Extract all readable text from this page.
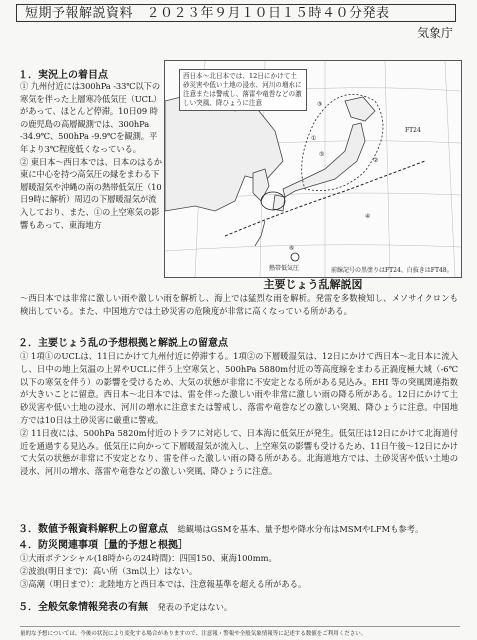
短期予報解説資料　２０２３年９月１０日１５時４０分発表
気象庁
１．実況上の着目点

① 九州付近には300hPa -33℃以下の寒気を伴った上層寒冷低気圧（UCL）があって、ほとんど停滞。10日09 時の鹿児島の高層観測では、300hPa -34.9℃、500hPa -9.9℃を観測。平年より3℃程度低くなっている。

② 東日本〜西日本では、日本のはるか東に中心を持つ高気圧の縁をまわる下層暖湿気や沖縄の南の熱帯低気圧（10日9時に解析）周辺の下層暖湿気が流入しており、また、①の上空寒気の影響もあって、東海地方

西日本〜北日本では、12日にかけて土砂災害や低い土地の浸水、河川の増水に注意または警戒し、落雷や竜巻などの激しい突風、降ひょうに注意
①
②
③
④
⑤
⑥
FT24
熱帯低気圧	前線記号の黒塗りはFT24、白抜きはFT48。
主要じょう乱解説図

〜西日本では非常に激しい雨や激しい雨を解析し、海上では猛烈な雨を解析。発雷を多数検知し、メソサイクロンも検出している。また、中国地方では土砂災害の危険度が非常に高くなっている所がある。

２．主要じょう乱の予想根拠と解説上の留意点

① 1項①のUCLは、11日にかけて九州付近に停滞する。1項②の下層暖湿気は、12日にかけて西日本〜北日本に流入し、日中の地上気温の上昇やUCLに伴う上空寒気と、500hPa 5880m付近の等高度線をまわる正渦度極大域（-6℃以下の寒気を伴う）の影響を受けるため、大気の状態が非常に不安定となる所がある見込み。EHI 等の突風関連指数が大きいことに留意。西日本〜北日本では、雷を伴った激しい雨や非常に激しい雨の降る所がある。12日にかけて土砂災害や低い土地の浸水、河川の増水に注意または警戒し、落雷や竜巻などの激しい突風、降ひょうに注意。中国地方では10日は土砂災害に厳重に警戒。

② 11日夜には、500hPa 5820m付近のトラフに対応して、日本海に低気圧が発生。低気圧は12日にかけて北海道付近を通過する見込み。低気圧に向かって下層暖湿気が流入し、上空寒気の影響も受けるため、11日午後〜12日にかけて大気の状態が非常に不安定となり、雷を伴った激しい雨の降る所がある。北海道地方では、土砂災害や低い土地の浸水、河川の増水、落雷や竜巻などの激しい突風、降ひょうに注意。

３．数値予報資料解釈上の留意点 総観場はGSMを基本、量予想や降水分布はMSMやLFMも参考。
４．防災関連事項［量的予想と根拠］

①大雨ポテンシャル(18時からの24時間)：四国150、東海100mm。

②波浪(明日まで)：高い所（3m以上）はない。

③高潮（明日まで）：北陸地方と西日本では、注意報基準を超える所がある。

５．全般気象情報発表の有無 発表の予定はない。
量的な予想については、今後の状況により変化する場合がありますので、注意報・警報や全般気象情報等に記述する数値をご利用ください。
